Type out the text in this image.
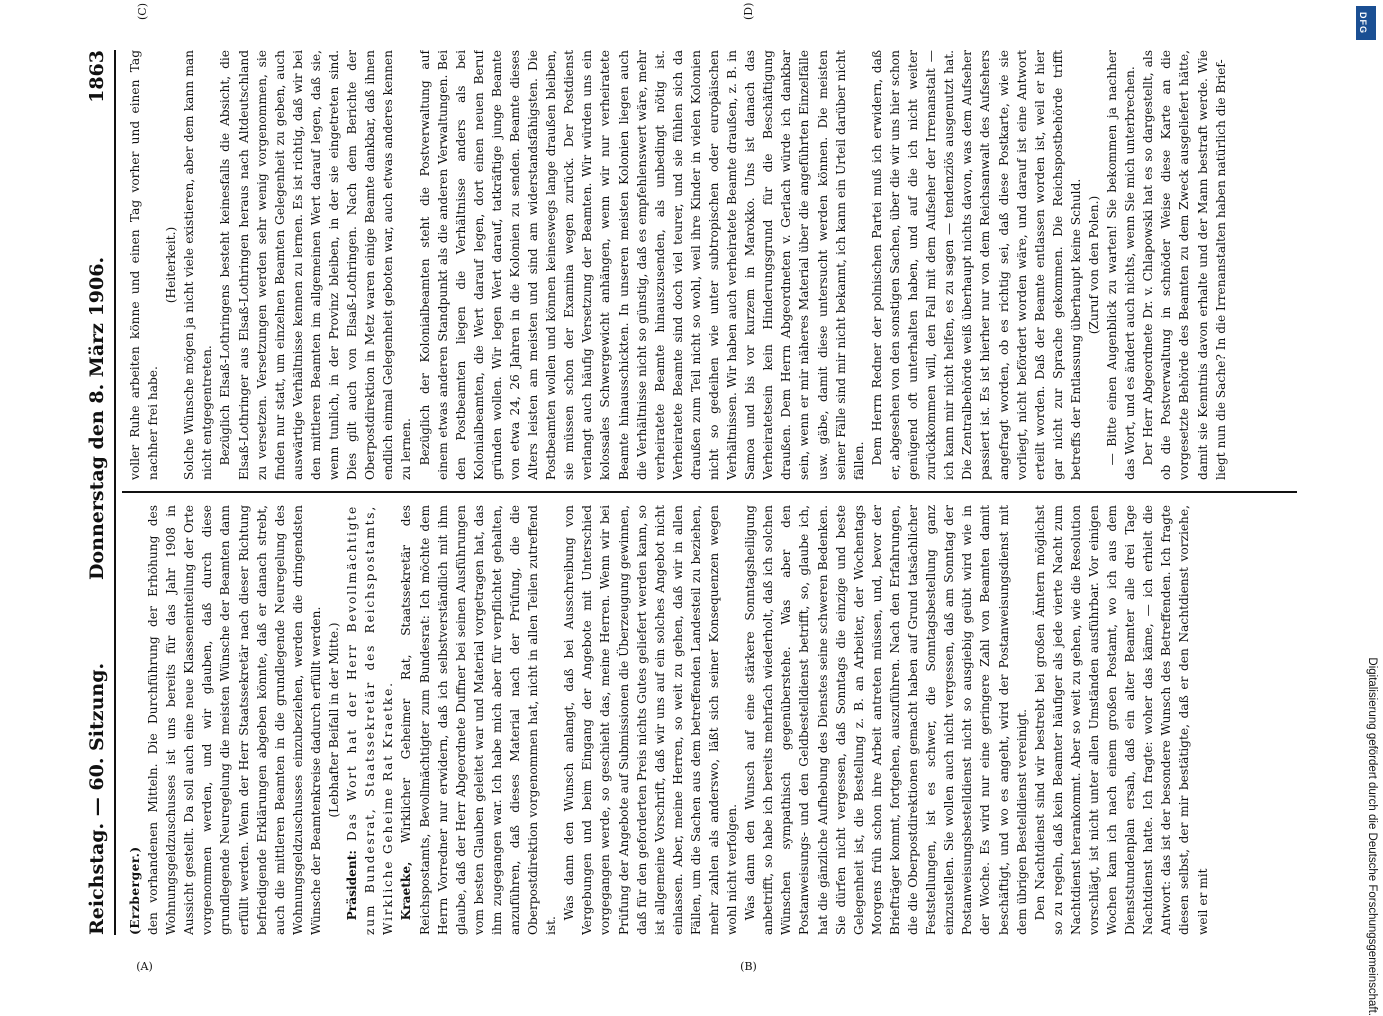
Reichstag. — 60. Sitzung.
Donnerstag den 8. März 1906.
1863
(A)	(B)
(C)	(D)

(Erzberger.) den vorhandenen Mitteln. Die Durchführung der Erhöhung des Wohnungsgeldzuschusses ist uns bereits für das Jahr 1908 in Aussicht gestellt. Da soll auch eine neue Klasseneinteilung der Orte vorgenommen werden, und wir glauben, daß durch diese grundlegende Neuregelung die meisten Wünsche der Beamten dann erfüllt werden. Wenn der Herr Staatssekretär nach dieser Richtung befriedigende Erklärungen abgeben könnte, daß er danach strebt, auch die mittleren Beamten in die grundlegende Neuregelung des Wohnungsgeldzuschusses einzubeziehen, werden die dringendsten Wünsche der Beamtenkreise dadurch erfüllt werden. (Lebhafter Beifall in der Mitte.)

Präsident: Das Wort hat der Herr Bevollmächtigte zum Bundesrat, Staatssekretär des Reichspostamts, Wirkliche Geheime Rat Kraetke. Kraetke, Wirklicher Geheimer Rat, Staatssekretär des Reichspostamts, Bevollmächtigter zum Bundesrat: Ich möchte dem Herrn Vorredner nur erwidern, daß ich selbstverständlich mit ihm glaube, daß der Herr Abgeordnete Duffner bei seinen Ausführungen vom besten Glauben geleitet war und Material vorgetragen hat, das ihm zugegangen war. Ich habe mich aber für verpflichtet gehalten, anzuführen, daß dieses Material nach der Prüfung, die die Oberpostdirektion vorgenommen hat, nicht in allen Teilen zutreffend ist.

Was dann den Wunsch anlangt, daß bei Ausschreibung von Vergebungen und beim Eingang der Angebote mit Unterschied vorgegangen werde, so geschieht das, meine Herren. Wenn wir bei Prüfung der Angebote auf Submissionen die Überzeugung gewinnen, daß für den geforderten Preis nichts Gutes geliefert werden kann, so ist allgemeine Vorschrift, daß wir uns auf ein solches Angebot nicht einlassen. Aber, meine Herren, so weit zu gehen, daß wir in allen Fällen, um die Sachen aus dem betreffenden Landesteil zu beziehen, mehr zahlen als anderswo, läßt sich seiner Konsequenzen wegen wohl nicht verfolgen. Was dann den Wunsch auf eine stärkere Sonntagsheiligung anbetrifft, so habe ich bereits mehrfach wiederholt, daß ich solchen Wünschen sympathisch gegenüberstehe. Was aber den Postanweisungs- und den Geldbestelldienst betrifft, so, glaube ich, hat die gänzliche Aufhebung des Dienstes seine schweren Bedenken. Sie dürfen nicht vergessen, daß Sonntags die einzige und beste Gelegenheit ist, die Bestellung z. B. an Arbeiter, der Wochentags Morgens früh schon ihre Arbeit antreten müssen, und, bevor der Briefträger kommt, fortgehen, auszuführen. Nach den Erfahrungen, die die Oberpostdirektionen gemacht haben auf Grund tatsächlicher Feststellungen, ist es schwer, die Sonntagsbestellung ganz einzustellen. Sie wollen auch nicht vergessen, daß am Sonntag der Postanweisungsbestelldienst nicht so ausgiebig geübt wird wie in der Woche. Es wird nur eine geringere Zahl von Beamten damit beschäftigt, und wo es angeht, wird der Postanweisungsdienst mit dem übrigen Bestelldienst vereinigt. Den Nachtdienst sind wir bestrebt bei großen Ämtern möglichst so zu regeln, daß kein Beamter häufiger als jede vierte Nacht zum Nachtdienst herankommt. Aber so weit zu gehen, wie die Resolution vorschlägt, ist nicht unter allen Umständen ausführbar. Vor einigen Wochen kam ich nach einem großen Postamt, wo ich aus dem Dienststundenplan ersah, daß ein alter Beamter alle drei Tage Nachtdienst hatte. Ich fragte: woher das käme, — ich erhielt die Antwort: das ist der besondere Wunsch des Betreffenden. Ich fragte diesen selbst, der mir bestätigte, daß er den Nachtdienst vorziehe, weil er mit

voller Ruhe arbeiten könne und einen Tag vorher und einen Tag nachher frei habe.

(Heiterkeit.) Solche Wünsche mögen ja nicht viele existieren, aber dem kann man nicht entgegentreten. Bezüglich Elsaß-Lothringens besteht keinesfalls die Absicht, die Elsaß-Lothringer aus Elsaß-Lothringen heraus nach Altdeutschland zu versetzen. Versetzungen werden sehr wenig vorgenommen, sie finden nur statt, um einzelnen Beamten Gelegenheit zu geben, auch auswärtige Verhältnisse kennen zu lernen. Es ist richtig, daß wir bei den mittleren Beamten im allgemeinen Wert darauf legen, daß sie, wenn tunlich, in der Provinz bleiben, in der sie eingetreten sind. Dies gilt auch von Elsaß-Lothringen. Nach dem Berichte der Oberpostdirektion in Metz waren einige Beamte dankbar, daß ihnen endlich einmal Gelegenheit geboten war, auch etwas anderes kennen zu lernen. Bezüglich der Kolonialbeamten steht die Postverwaltung auf einem etwas anderen Standpunkt als die anderen Verwaltungen. Bei den Postbeamten liegen die Verhältnisse anders als bei Kolonialbeamten, die Wert darauf legen, dort einen neuen Beruf gründen wollen. Wir legen Wert darauf, tatkräftige junge Beamte von etwa 24, 26 Jahren in die Kolonien zu senden. Beamte dieses Alters leisten am meisten und sind am widerstandsfähigsten. Die Postbeamten wollen und können keineswegs lange draußen bleiben, sie müssen schon der Examina wegen zurück. Der Postdienst verlangt auch häufig Versetzung der Beamten. Wir würden uns ein kolossales Schwergewicht anhängen, wenn wir nur verheiratete Beamte hinausschickten. In unseren meisten Kolonien liegen auch die Verhältnisse nicht so günstig, daß es empfehlenswert wäre, mehr verheiratete Beamte hinauszusenden, als unbedingt nötig ist. Verheiratete Beamte sind doch viel teurer, und sie fühlen sich da draußen zum Teil nicht so wohl, weil ihre Kinder in vielen Kolonien nicht so gedeihen wie unter subtropischen oder europäischen Verhältnissen. Wir haben auch verheiratete Beamte draußen, z. B. in Samoa und bis vor kurzem in Marokko. Uns ist danach das Verheiratetsein kein Hinderungsgrund für die Beschäftigung draußen. Dem Herrn Abgeordneten v. Gerlach würde ich dankbar sein, wenn er mir näheres Material über die angeführten Einzelfälle usw. gäbe, damit diese untersucht werden können. Die meisten seiner Fälle sind mir nicht bekannt, ich kann ein Urteil darüber nicht fällen. Dem Herrn Redner der polnischen Partei muß ich erwidern, daß er, abgesehen von den sonstigen Sachen, über die wir uns hier schon genügend oft unterhalten haben, und auf die ich nicht weiter zurückkommen will, den Fall mit dem Aufseher der Irrenanstalt — ich kann mir nicht helfen, es zu sagen — tendenziös ausgenutzt hat. Die Zentralbehörde weiß überhaupt nichts davon, was dem Aufseher passiert ist. Es ist hierher nur von dem Reichsanwalt des Aufsehers angefragt worden, ob es richtig sei, daß diese Postkarte, wie sie vorliegt, nicht befördert worden wäre, und darauf ist eine Antwort erteilt worden. Daß der Beamte entlassen worden ist, weil er hier gar nicht zur Sprache gekommen. Die Reichspostbehörde trifft betreffs der Entlassung überhaupt keine Schuld. (Zuruf von den Polen.) — Bitte einen Augenblick zu warten! Sie bekommen ja nachher das Wort, und es ändert auch nichts, wenn Sie mich unterbrechen. Der Herr Abgeordnete Dr. v. Chlapowski hat es so dargestellt, als ob die Postverwaltung in schnöder Weise diese Karte an die vorgesetzte Behörde des Beamten zu dem Zweck ausgeliefert hätte, damit sie Kenntnis davon erhalte und der Mann bestraft werde. Wie liegt nun die Sache? In die Irrenanstalten haben natürlich die Brief-

DFG
Digitalisierung gefördert durch die Deutsche Forschungsgemeinschaft.
